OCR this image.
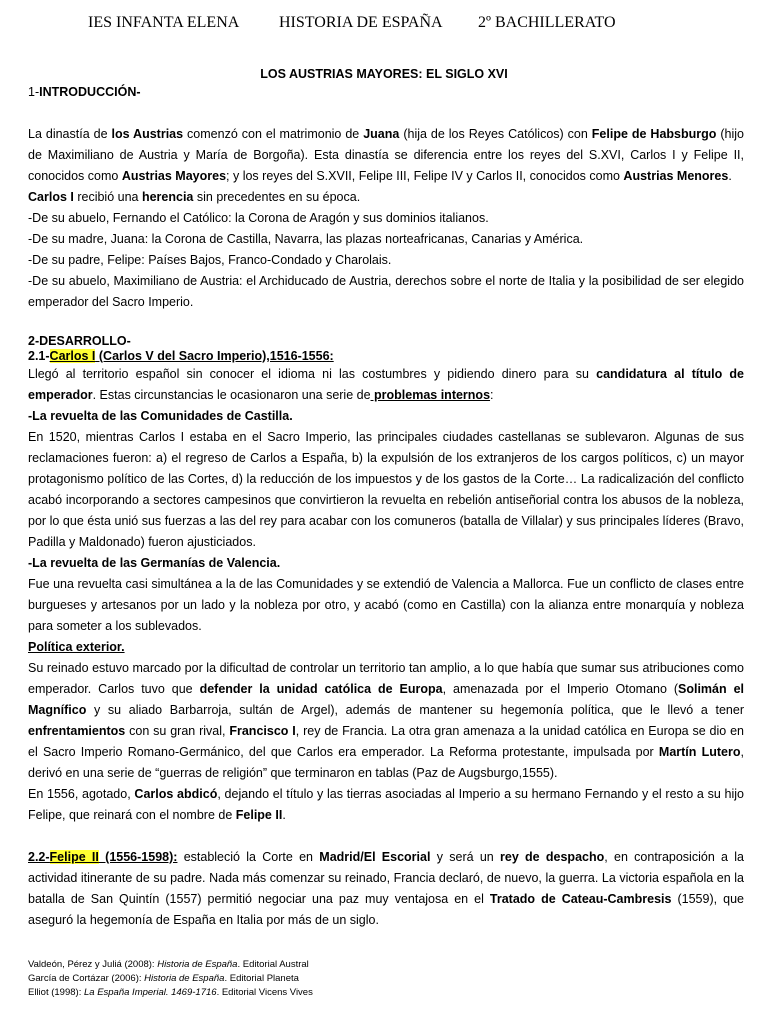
IES INFANTA ELENA HISTORIA DE ESPAÑA 2º BACHILLERATO
LOS AUSTRIAS MAYORES: EL SIGLO XVI

1-INTRODUCCIÓN-

La dinastía de los Austrias comenzó con el matrimonio de Juana (hija de los Reyes Católicos) con Felipe de Habsburgo (hijo de Maximiliano de Austria y María de Borgoña). Esta dinastía se diferencia entre los reyes del S.XVI, Carlos I y Felipe II, conocidos como Austrias Mayores; y los reyes del S.XVII, Felipe III, Felipe IV y Carlos II, conocidos como Austrias Menores.

Carlos I recibió una herencia sin precedentes en su época.

-De su abuelo, Fernando el Católico: la Corona de Aragón y sus dominios italianos.

-De su madre, Juana: la Corona de Castilla, Navarra, las plazas norteafricanas, Canarias y América.

-De su padre, Felipe: Países Bajos, Franco-Condado y Charolais.

-De su abuelo, Maximiliano de Austria: el Archiducado de Austria, derechos sobre el norte de Italia y la posibilidad de ser elegido emperador del Sacro Imperio.

2-DESARROLLO-

2.1-Carlos I (Carlos V del Sacro Imperio),1516-1556:

Llegó al territorio español sin conocer el idioma ni las costumbres y pidiendo dinero para su candidatura al título de emperador. Estas circunstancias le ocasionaron una serie de problemas internos:

-La revuelta de las Comunidades de Castilla.

En 1520, mientras Carlos I estaba en el Sacro Imperio, las principales ciudades castellanas se sublevaron. Algunas de sus reclamaciones fueron: a) el regreso de Carlos a España, b) la expulsión de los extranjeros de los cargos políticos, c) un mayor protagonismo político de las Cortes, d) la reducción de los impuestos y de los gastos de la Corte… La radicalización del conflicto acabó incorporando a sectores campesinos que convirtieron la revuelta en rebelión antiseñorial contra los abusos de la nobleza, por lo que ésta unió sus fuerzas a las del rey para acabar con los comuneros (batalla de Villalar) y sus principales líderes (Bravo, Padilla y Maldonado) fueron ajusticiados.

-La revuelta de las Germanías de Valencia.

Fue una revuelta casi simultánea a la de las Comunidades y se extendió de Valencia a Mallorca. Fue un conflicto de clases entre burgueses y artesanos por un lado y la nobleza por otro, y acabó (como en Castilla) con la alianza entre monarquía y nobleza para someter a los sublevados.

Política exterior.

Su reinado estuvo marcado por la dificultad de controlar un territorio tan amplio, a lo que había que sumar sus atribuciones como emperador. Carlos tuvo que defender la unidad católica de Europa, amenazada por el Imperio Otomano (Solimán el Magnífico y su aliado Barbarroja, sultán de Argel), además de mantener su hegemonía política, que le llevó a tener enfrentamientos con su gran rival, Francisco I, rey de Francia. La otra gran amenaza a la unidad católica en Europa se dio en el Sacro Imperio Romano-Germánico, del que Carlos era emperador. La Reforma protestante, impulsada por Martín Lutero, derivó en una serie de “guerras de religión” que terminaron en tablas (Paz de Augsburgo,1555).

En 1556, agotado, Carlos abdicó, dejando el título y las tierras asociadas al Imperio a su hermano Fernando y el resto a su hijo Felipe, que reinará con el nombre de Felipe II.

2.2-Felipe II (1556-1598): estableció la Corte en Madrid/El Escorial y será un rey de despacho, en contraposición a la actividad itinerante de su padre. Nada más comenzar su reinado, Francia declaró, de nuevo, la guerra. La victoria española en la batalla de San Quintín (1557) permitió negociar una paz muy ventajosa en el Tratado de Cateau-Cambresis (1559), que aseguró la hegemonía de España en Italia por más de un siglo.

Valdeón, Pérez y Juliá (2008): Historia de España. Editorial Austral
García de Cortázar (2006): Historia de España. Editorial Planeta
Elliot (1998): La España Imperial. 1469-1716. Editorial Vicens Vives
